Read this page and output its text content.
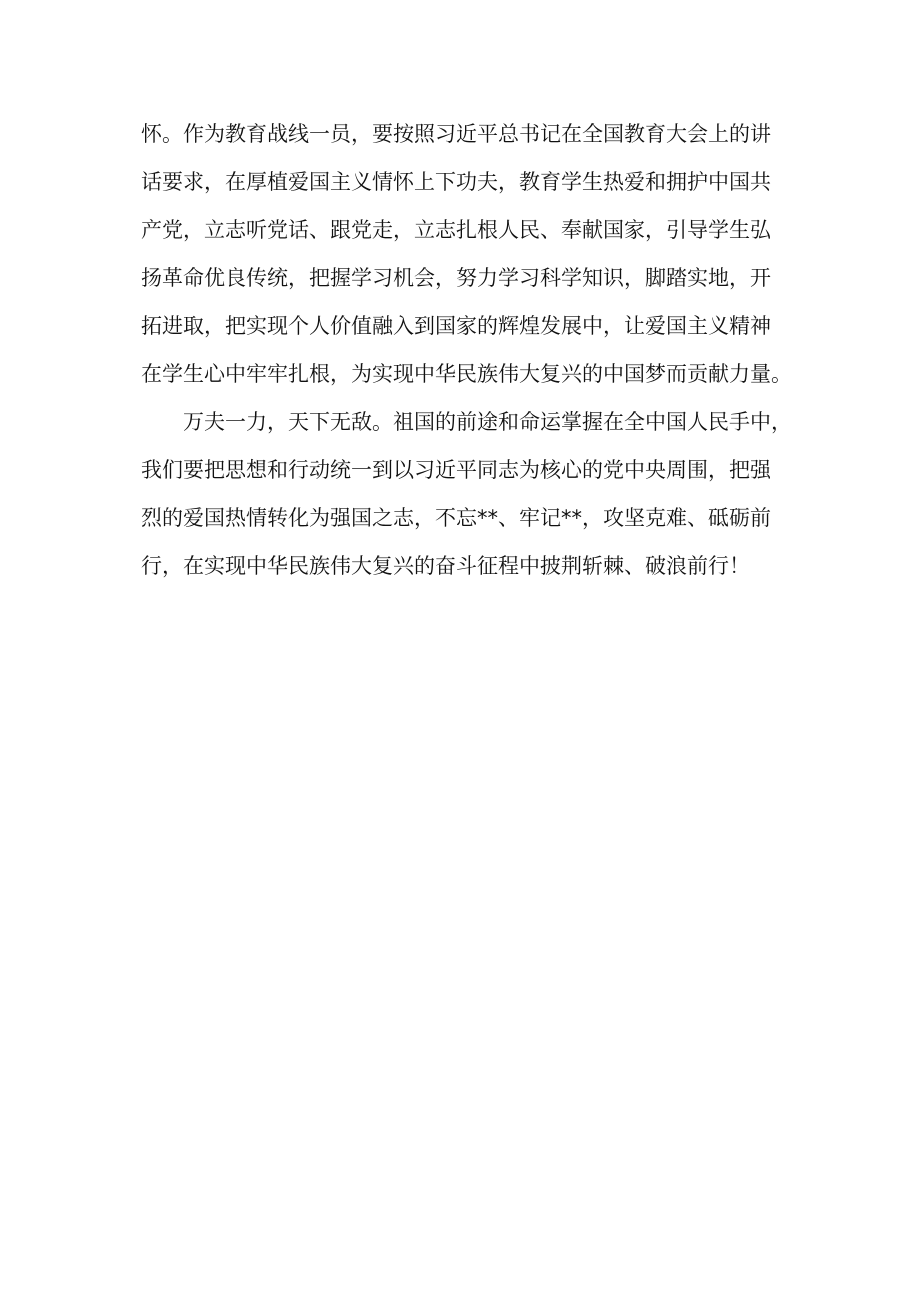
怀。作为教育战线一员，要按照习近平总书记在全国教育大会上的讲
话要求，在厚植爱国主义情怀上下功夫，教育学生热爱和拥护中国共
产党，立志听党话、跟党走，立志扎根人民、奉献国家，引导学生弘
扬革命优良传统，把握学习机会，努力学习科学知识，脚踏实地，开
拓进取，把实现个人价值融入到国家的辉煌发展中，让爱国主义精神
在学生心中牢牢扎根，为实现中华民族伟大复兴的中国梦而贡献力量。
万夫一力，天下无敌。祖国的前途和命运掌握在全中国人民手中，
我们要把思想和行动统一到以习近平同志为核心的党中央周围，把强
烈的爱国热情转化为强国之志，不忘**、牢记**，攻坚克难、砥砺前
行，在实现中华民族伟大复兴的奋斗征程中披荆斩棘、破浪前行！
